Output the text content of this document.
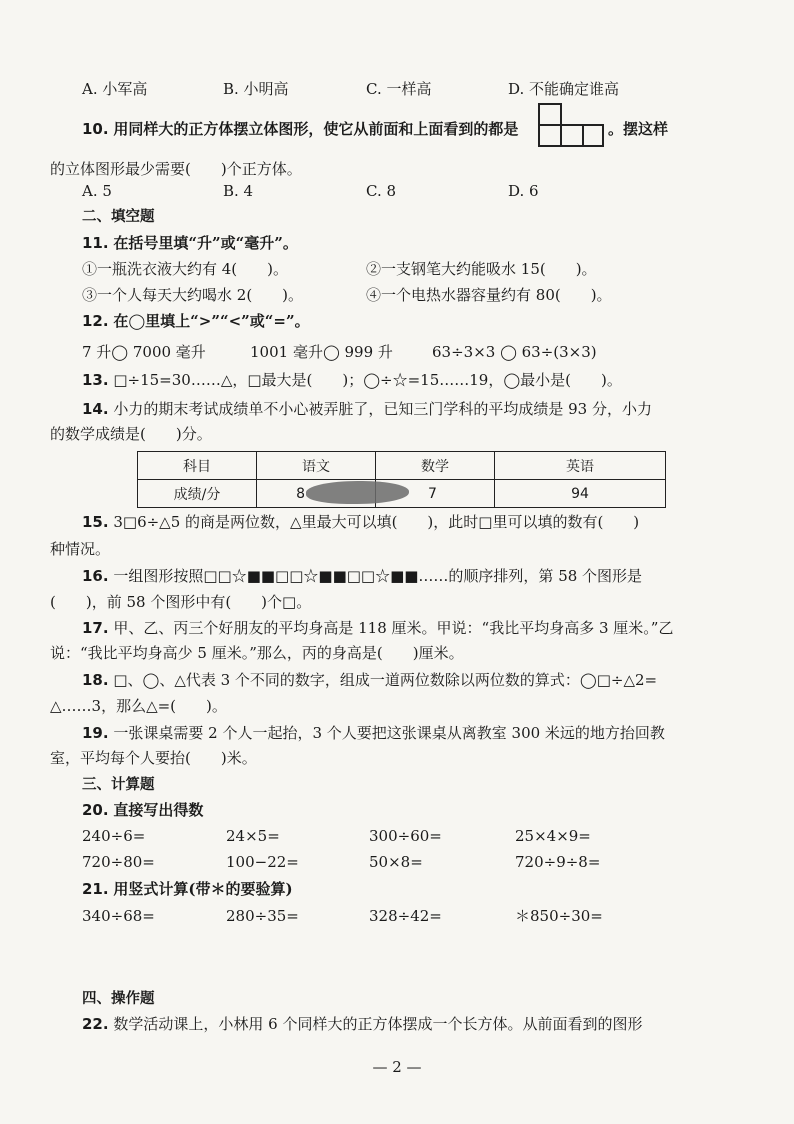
A. 小军高	B. 小明高	C. 一样高	D. 不能确定谁高
10. 用同样大的正方体摆立体图形，使它从前面和上面看到的都是	。摆这样
的立体图形最少需要(　　)个正方体。
A. 5	B. 4	C. 8	D. 6
二、填空题
11. 在括号里填“升”或“毫升”。
①一瓶洗衣液大约有 4(　　)。	②一支钢笔大约能吸水 15(　　)。
③一个人每天大约喝水 2(　　)。	④一个电热水器容量约有 80(　　)。
12. 在◯里填上“>”“<”或“=”。
7 升◯ 7000 毫升	1001 毫升◯ 999 升	63÷3×3 ◯ 63÷(3×3)
13. □÷15=30……△，□最大是(　　)；◯÷☆=15……19，◯最小是(　　)。
14. 小力的期末考试成绩单不小心被弄脏了，已知三门学科的平均成绩是 93 分，小力
的数学成绩是(　　)分。
科目	语文	数学	英语
成绩/分	8	7	94
15. 3□6÷△5 的商是两位数，△里最大可以填(　　)，此时□里可以填的数有(　　)
种情况。
16. 一组图形按照□□☆■■□□☆■■□□☆■■……的顺序排列，第 58 个图形是
(　　)，前 58 个图形中有(　　)个□。
17. 甲、乙、丙三个好朋友的平均身高是 118 厘米。甲说：“我比平均身高多 3 厘米。”乙
说：“我比平均身高少 5 厘米。”那么，丙的身高是(　　)厘米。
18. □、◯、△代表 3 个不同的数字，组成一道两位数除以两位数的算式：◯□÷△2=
△……3，那么△=(　　)。
19. 一张课桌需要 2 个人一起抬，3 个人要把这张课桌从离教室 300 米远的地方抬回教
室，平均每个人要抬(　　)米。
三、计算题
20. 直接写出得数
240÷6=	24×5=	300÷60=	25×4×9=
720÷80=	100−22=	50×8=	720÷9÷8=
21. 用竖式计算(带＊的要验算)
340÷68=	280÷35=	328÷42=	＊850÷30=
四、操作题
22. 数学活动课上，小林用 6 个同样大的正方体摆成一个长方体。从前面看到的图形
— 2 —
